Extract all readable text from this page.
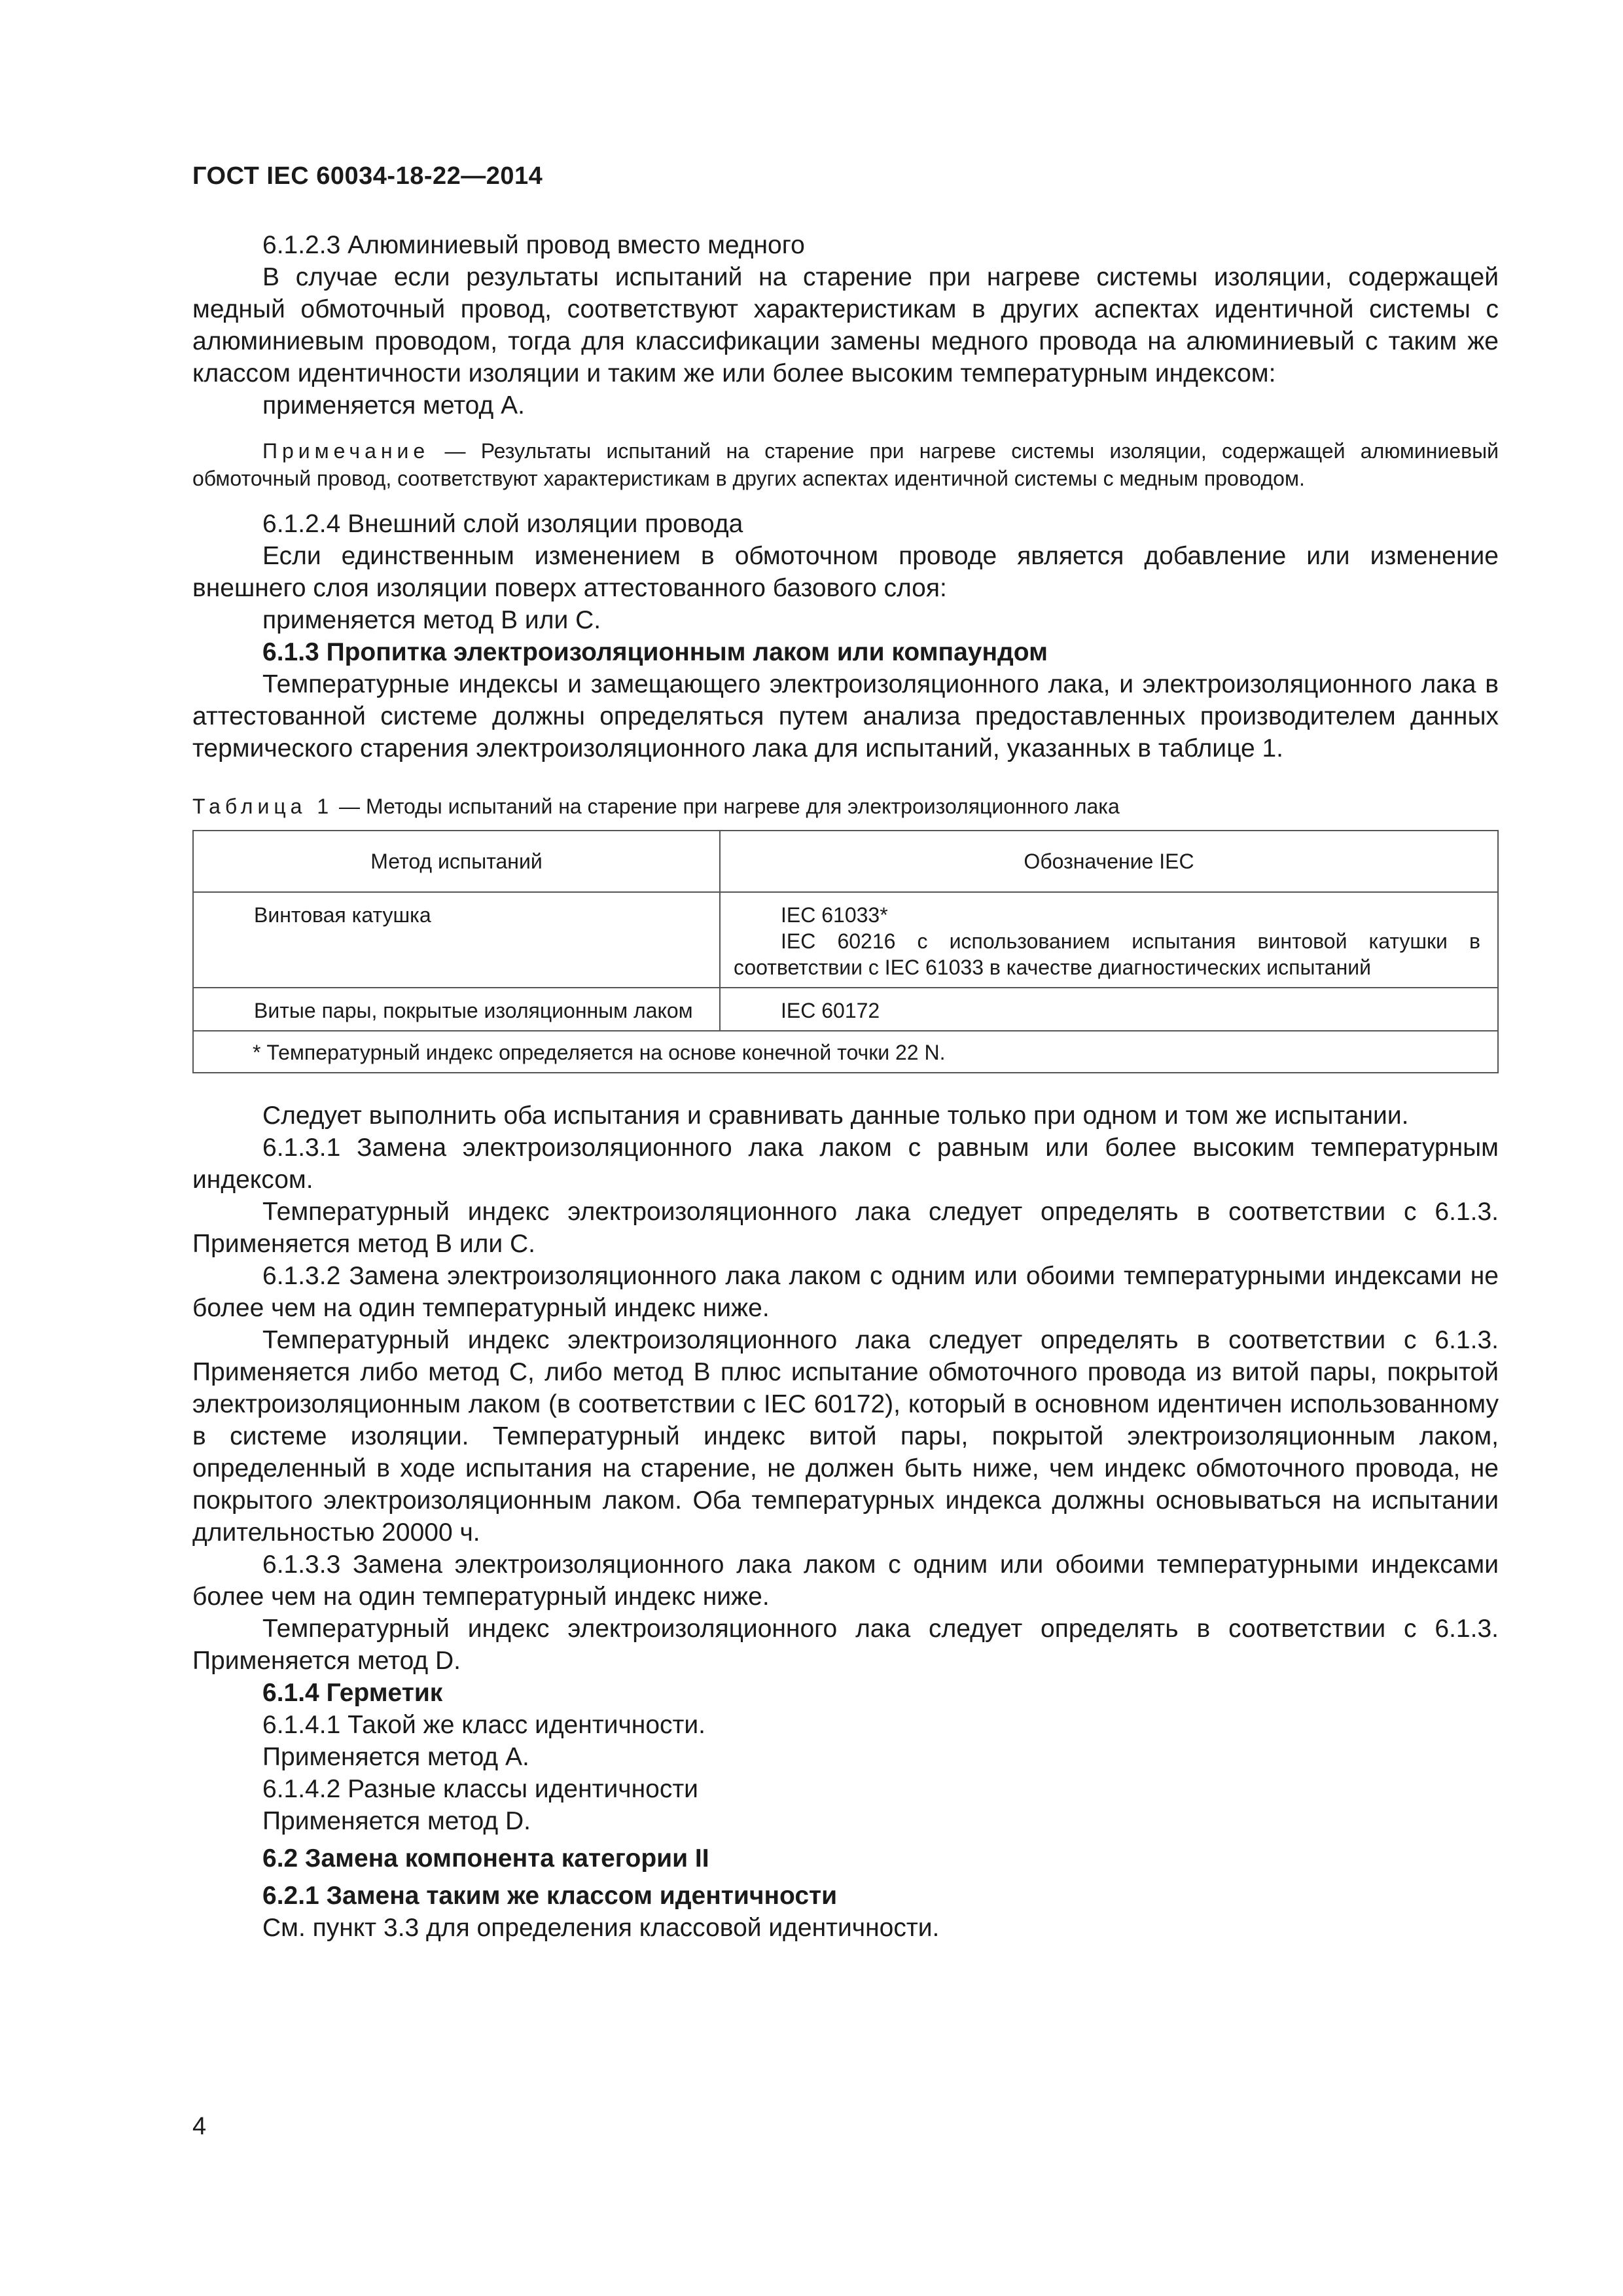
ГОСТ IEC 60034-18-22—2014

6.1.2.3 Алюминиевый провод вместо медного

В случае если результаты испытаний на старение при нагреве системы изоляции, содержащей медный обмоточный провод, соответствуют характеристикам в других аспектах идентичной системы с алюминиевым проводом, тогда для классификации замены медного провода на алюминиевый с таким же классом идентичности изоляции и таким же или более высоким температурным индексом:

применяется метод А.

Примечание — Результаты испытаний на старение при нагреве системы изоляции, содержащей алюминиевый обмоточный провод, соответствуют характеристикам в других аспектах идентичной системы с медным проводом.

6.1.2.4 Внешний слой изоляции провода

Если единственным изменением в обмоточном проводе является добавление или изменение внешнего слоя изоляции поверх аттестованного базового слоя:

применяется метод B или С.

6.1.3 Пропитка электроизоляционным лаком или компаундом

Температурные индексы и замещающего электроизоляционного лака, и электроизоляционного лака в аттестованной системе должны определяться путем анализа предоставленных производителем данных термического старения электроизоляционного лака для испытаний, указанных в таблице 1.

Таблица 1 — Методы испытаний на старение при нагреве для электроизоляционного лака

Метод испытаний	Обозначение IEC

Винтовая катушка	IEC 61033*
IEC 60216 с использованием испытания винтовой катушки в соответствии с IEC 61033 в качестве диагностических испытаний

Витые пары, покрытые изоляционным лаком	IEC 60172

* Температурный индекс определяется на основе конечной точки 22 N.	

Следует выполнить оба испытания и сравнивать данные только при одном и том же испытании.

6.1.3.1 Замена электроизоляционного лака лаком с равным или более высоким температурным индексом.

Температурный индекс электроизоляционного лака следует определять в соответствии с 6.1.3. Применяется метод В или С.

6.1.3.2 Замена электроизоляционного лака лаком с одним или обоими температурными индексами не более чем на один температурный индекс ниже.

Температурный индекс электроизоляционного лака следует определять в соответствии с 6.1.3. Применяется либо метод С, либо метод В плюс испытание обмоточного провода из витой пары, покрытой электроизоляционным лаком (в соответствии с IEC 60172), который в основном идентичен использованному в системе изоляции. Температурный индекс витой пары, покрытой электроизоляционным лаком, определенный в ходе испытания на старение, не должен быть ниже, чем индекс обмоточного провода, не покрытого электроизоляционным лаком. Оба температурных индекса должны основываться на испытании длительностью 20000 ч.

6.1.3.3 Замена электроизоляционного лака лаком с одним или обоими температурными индексами более чем на один температурный индекс ниже.

Температурный индекс электроизоляционного лака следует определять в соответствии с 6.1.3. Применяется метод D.

6.1.4 Герметик

6.1.4.1 Такой же класс идентичности.

Применяется метод А.

6.1.4.2 Разные классы идентичности

Применяется метод D.

6.2 Замена компонента категории II

6.2.1 Замена таким же классом идентичности

См. пункт 3.3 для определения классовой идентичности.

4
